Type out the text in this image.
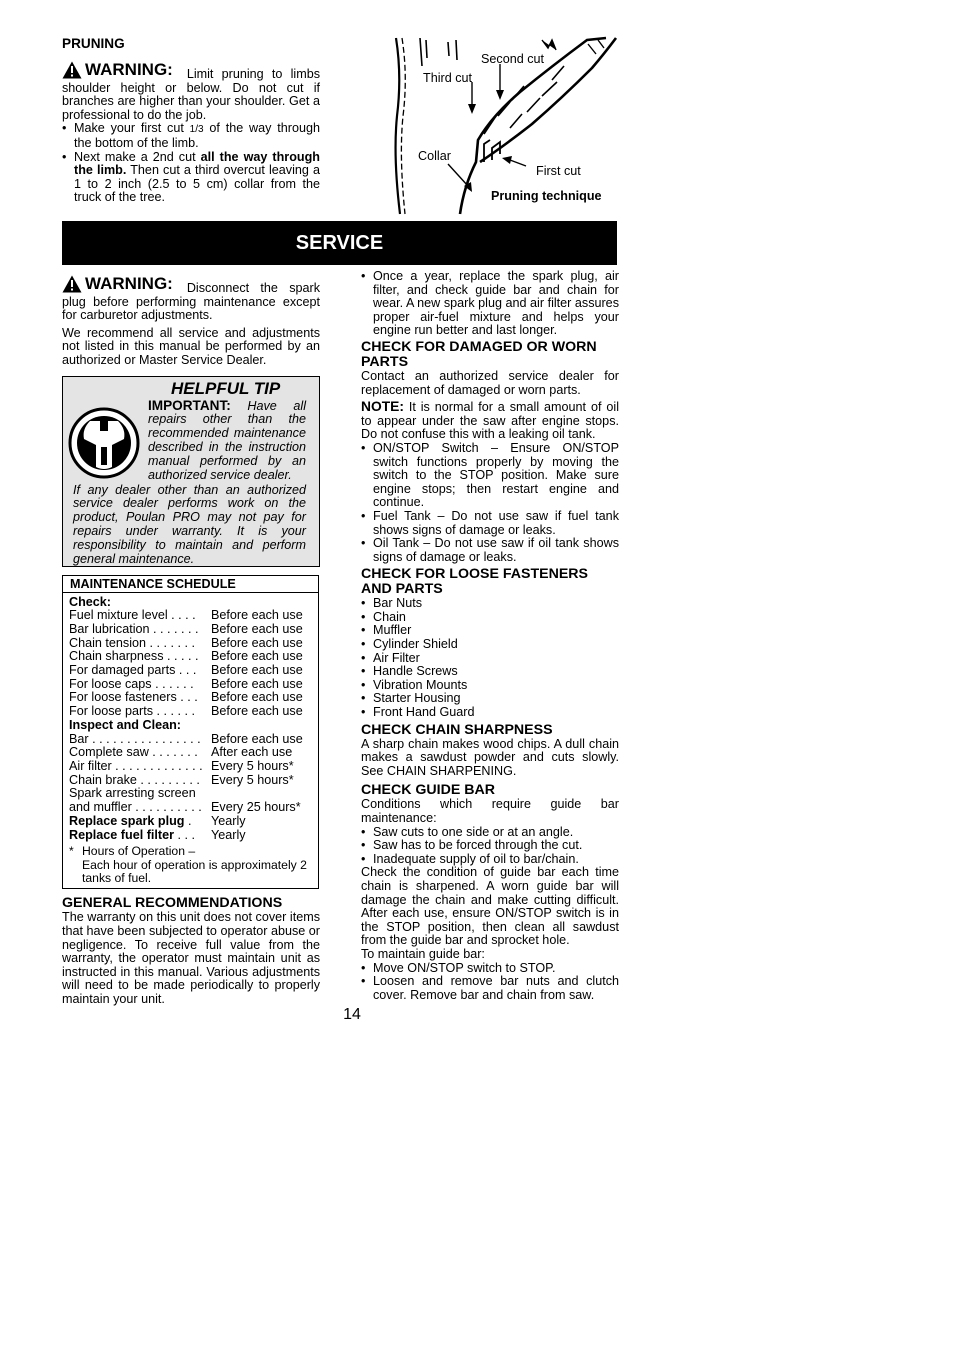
PRUNING

WARNING: Limit pruning to limbs shoulder height or below. Do not cut if branches are higher than your shoulder. Get a professional to do the job.

• Make your first cut 1/3 of the way through the bottom of the limb.
• Next make a 2nd cut all the way through the limb. Then cut a third overcut leaving a 1 to 2 inch (2.5 to 5 cm) collar from the truck of the tree.
Second cut
Third cut
Collar
First cut
Pruning technique
SERVICE

WARNING: Disconnect the spark plug before performing maintenance except for carburetor adjustments.

We recommend all service and adjustments not listed in this manual be performed by an authorized or Master Service Dealer.

HELPFUL TIP
IMPORTANT: Have all repairs other than the recommended maintenance described in the instruction manual performed by an authorized service dealer.
If any dealer other than an authorized service dealer performs work on the product, Poulan PRO may not pay for repairs under warranty. It is your responsibility to maintain and perform general maintenance.
MAINTENANCE SCHEDULE
Check:
Fuel mixture level . . . .	Before each use
Bar lubrication . . . . . . . Before each use
Chain tension . . . . . . .	Before each use
Chain sharpness . . . . . Before each use
For damaged parts . . .	Before each use
For loose caps . . . . . .	Before each use
For loose fasteners . . .	Before each use
For loose parts . . . . . .	Before each use
Inspect and Clean:
Bar . . . . . . . . . . . . . . . . Before each use
Complete saw . . . . . . .	After each use
Air filter . . . . . . . . . . . . . Every 5 hours*
Chain brake . . . . . . . . . Every 5 hours*
Spark arresting screen
and muffler . . . . . . . . . . Every 25 hours*
Replace spark plug .	Yearly
Replace fuel filter . . .	Yearly
* Hours of Operation –
Each hour of operation is approximately 2 tanks of fuel.

GENERAL RECOMMENDATIONS

The warranty on this unit does not cover items that have been subjected to operator abuse or negligence. To receive full value from the warranty, the operator must maintain unit as instructed in this manual. Various adjustments will need to be made periodically to properly maintain your unit.

• Once a year, replace the spark plug, air filter, and check guide bar and chain for wear. A new spark plug and air filter assures proper air-fuel mixture and helps your engine run better and last longer.

CHECK FOR DAMAGED OR WORN PARTS

Contact an authorized service dealer for replacement of damaged or worn parts.

NOTE: It is normal for a small amount of oil to appear under the saw after engine stops. Do not confuse this with a leaking oil tank.

• ON/STOP Switch – Ensure ON/STOP switch functions properly by moving the switch to the STOP position. Make sure engine stops; then restart engine and continue.
• Fuel Tank – Do not use saw if fuel tank shows signs of damage or leaks.
• Oil Tank – Do not use saw if oil tank shows signs of damage or leaks.

CHECK FOR LOOSE FASTENERS AND PARTS

• Bar Nuts
• Chain
• Muffler
• Cylinder Shield
• Air Filter
• Handle Screws
• Vibration Mounts
• Starter Housing
• Front Hand Guard

CHECK CHAIN SHARPNESS

A sharp chain makes wood chips. A dull chain makes a sawdust powder and cuts slowly. See CHAIN SHARPENING.

CHECK GUIDE BAR

Conditions which require guide bar maintenance:

• Saw cuts to one side or at an angle.
• Saw has to be forced through the cut.
• Inadequate supply of oil to bar/chain.

Check the condition of guide bar each time chain is sharpened. A worn guide bar will damage the chain and make cutting difficult. After each use, ensure ON/STOP switch is in the STOP position, then clean all sawdust from the guide bar and sprocket hole.

To maintain guide bar:

• Move ON/STOP switch to STOP.
• Loosen and remove bar nuts and clutch cover. Remove bar and chain from saw.
14
